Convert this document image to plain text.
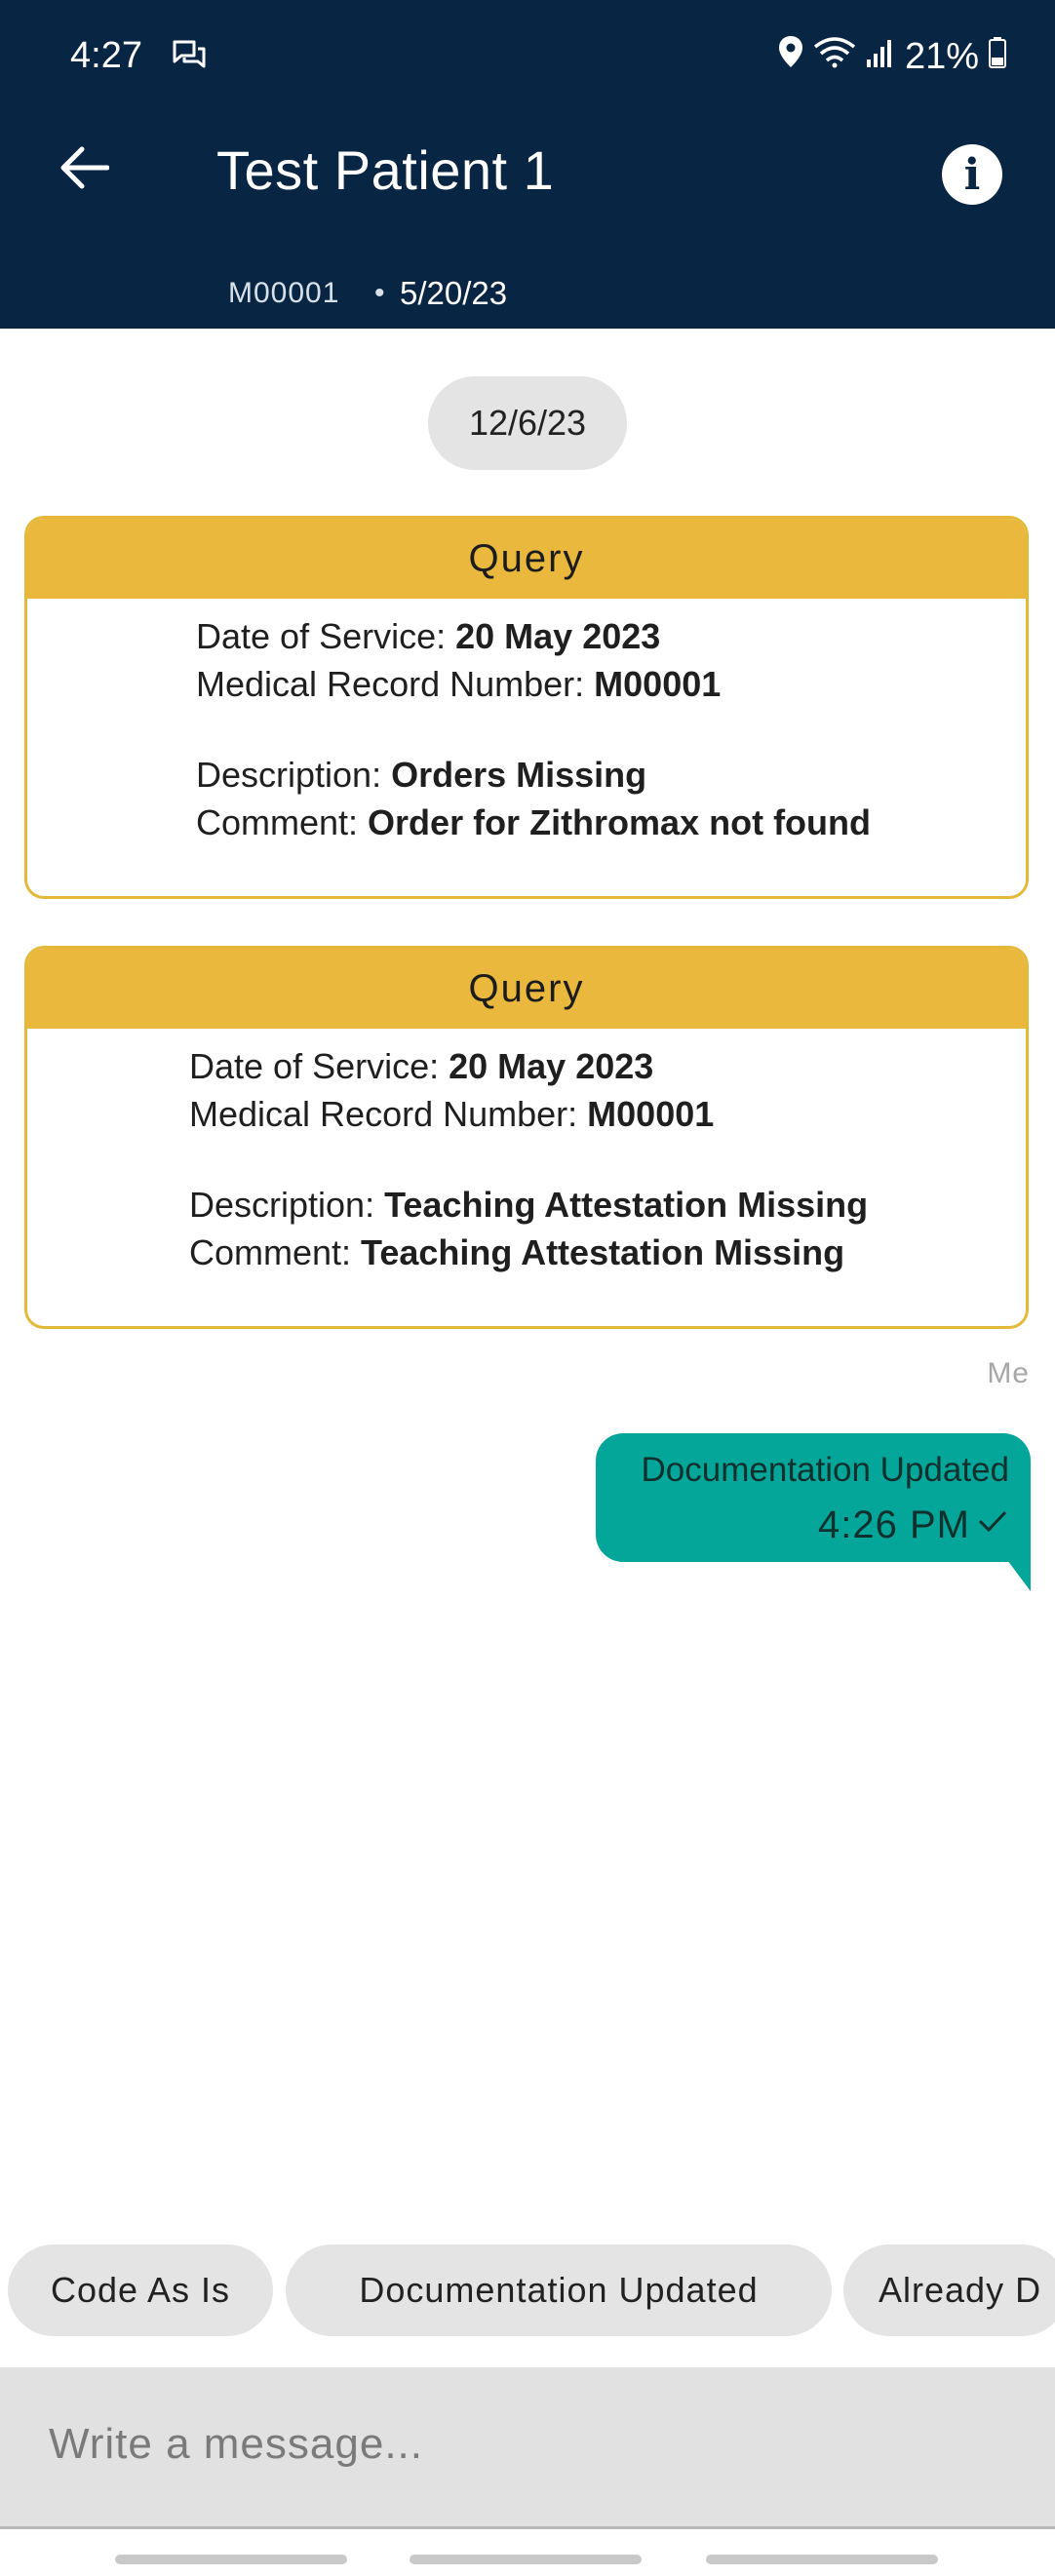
4:27	21%
Test Patient 1	i
M00001 • 5/20/23
12/6/23
Query
Date of Service: 20 May 2023
Medical Record Number: M00001
Description: Orders Missing
Comment: Order for Zithromax not found
Query
Date of Service: 20 May 2023
Medical Record Number: M00001
Description: Teaching Attestation Missing
Comment: Teaching Attestation Missing
Me
Documentation Updated
4:26 PM
Code As Is	Documentation Updated	Already D
Write a message...
